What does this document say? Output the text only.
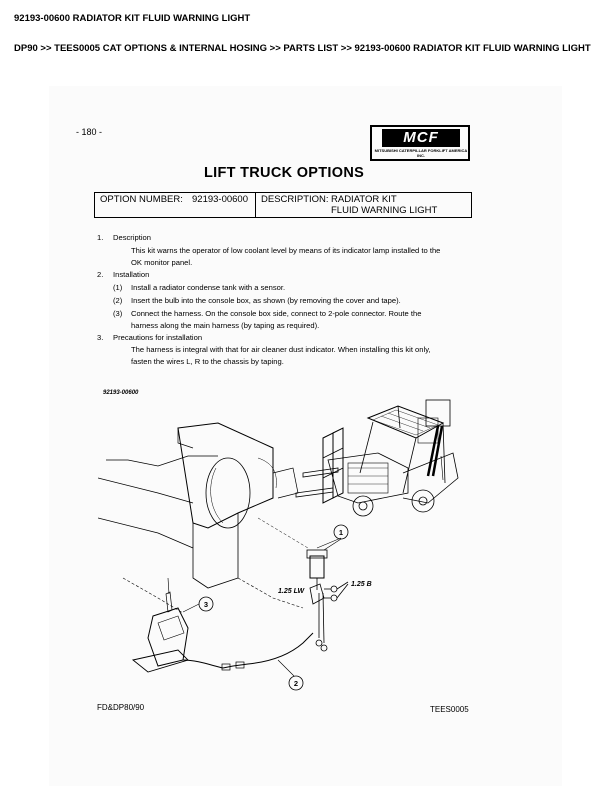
92193-00600 RADIATOR KIT FLUID WARNING LIGHT
DP90 >> TEES0005 CAT OPTIONS & INTERNAL HOSING >> PARTS LIST >> 92193-00600 RADIATOR KIT FLUID WARNING LIGHT
- 180 -	MCF
MITSUBISHI CATERPILLAR FORKLIFT AMERICA INC.
LIFT TRUCK OPTIONS
OPTION NUMBER: 92193-00600 DESCRIPTION: RADIATOR KIT
FLUID WARNING LIGHT
1. Description
This kit warns the operator of low coolant level by means of its indicator lamp installed to the
OK monitor panel.
2. Installation
(1) Install a radiator condense tank with a sensor.
(2) Insert the bulb into the console box, as shown (by removing the cover and tape).
(3) Connect the harness. On the console box side, connect to 2-pole connector. Route the
harness along the main harness (by taping as required).
3. Precautions for installation
The harness is integral with that for air cleaner dust indicator. When installing this kit only,
fasten the wires L, R to the chassis by taping.
92193-00600
1
2
3
1.25 LW
1.25 B
FD&DP80/90	TEES0005
